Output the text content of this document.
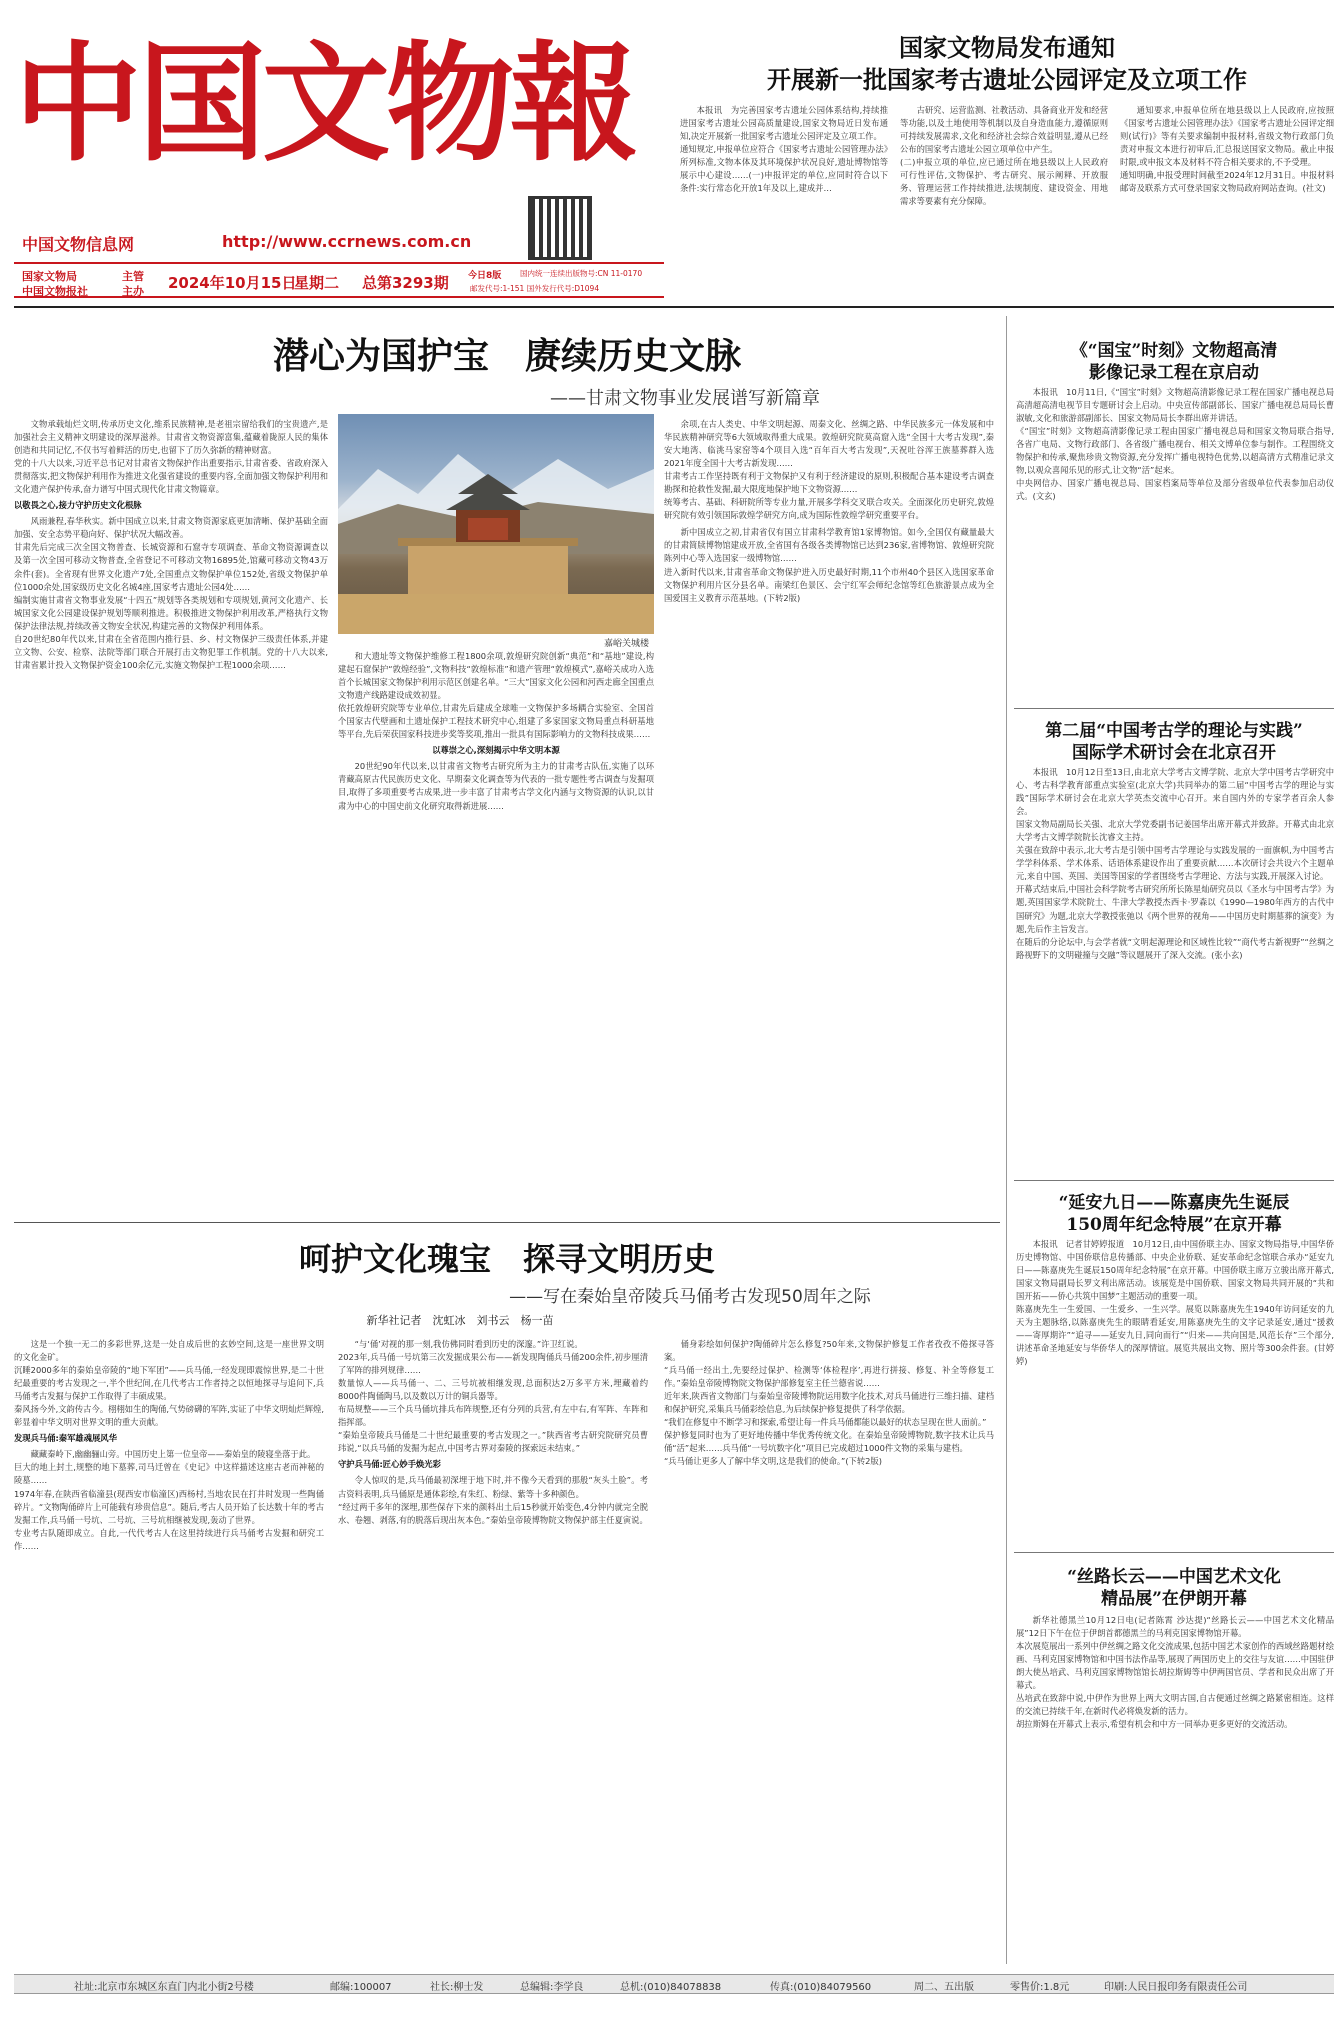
中国文物報
中国文物信息网	http://www.ccrnews.com.cn
国家文物局
中国文物报社
主管
主办 2024年10月15日
星期二 总第3293期 今日8版 国内统一连续出版物号:CN 11-0170
邮发代号:1-151 国外发行代号:D1094
国家文物局发布通知
开展新一批国家考古遗址公园评定及立项工作
本报讯　为完善国家考古遗址公园体系结构,持续推进国家考古遗址公园高质量建设,国家文物局近日发布通知,决定开展新一批国家考古遗址公园评定及立项工作。
通知规定,申报单位应符合《国家考古遗址公园管理办法》所列标准,文物本体及其环境保护状况良好,遗址博物馆等展示中心建设……(一)申报评定的单位,应同时符合以下条件:实行常态化开放1年及以上,建成并…
古研究、运营监测、社教活动、具备商业开发和经营等功能,以及土地使用等机制以及自身造血能力,遵循原则可持续发展需求,文化和经济社会综合效益明显,遵从已经公布的国家考古遗址公园立项单位中产生。
(二)申报立项的单位,应已通过所在地县级以上人民政府可行性评估,文物保护、考古研究、展示阐释、开放服务、管理运营工作持续推进,法规制度、建设资金、用地需求等要素有充分保障。
通知要求,申报单位所在地县级以上人民政府,应按照《国家考古遗址公园管理办法》《国家考古遗址公园评定细则(试行)》等有关要求编制申报材料,省级文物行政部门负责对申报文本进行初审后,汇总报送国家文物局。截止申报时限,或申报文本及材料不符合相关要求的,不予受理。
通知明确,申报受理时间截至2024年12月31日。申报材料邮寄及联系方式可登录国家文物局政府网站查询。(社文)
潜心为国护宝　赓续历史文脉
——甘肃文物事业发展谱写新篇章
文物承载灿烂文明,传承历史文化,维系民族精神,是老祖宗留给我们的宝贵遗产,是加强社会主义精神文明建设的深厚滋养。甘肃省文物资源富集,蕴藏着陇原人民的集体创造和共同记忆,不仅书写着鲜活的历史,也留下了历久弥新的精神财富。
党的十八大以来,习近平总书记对甘肃省文物保护作出重要指示,甘肃省委、省政府深入贯彻落实,把文物保护利用作为推进文化强省建设的重要内容,全面加强文物保护利用和文化遗产保护传承,奋力谱写中国式现代化甘肃文物篇章。
以敬畏之心,接力守护历史文化根脉
风雨兼程,春华秋实。新中国成立以来,甘肃文物资源家底更加清晰、保护基础全面加强、安全态势平稳向好、保护状况大幅改善。
甘肃先后完成三次全国文物普查、长城资源和石窟寺专项调查、革命文物资源调查以及第一次全国可移动文物普查,全省登记不可移动文物16895处,馆藏可移动文物43万余件(套)。全省现有世界文化遗产7处,全国重点文物保护单位152处,省级文物保护单位1000余处,国家级历史文化名城4座,国家考古遗址公园4处……
编制实施甘肃省文物事业发展“十四五”规划等各类规划和专项规划,黄河文化遗产、长城国家文化公园建设保护规划等顺利推进。积极推进文物保护利用改革,严格执行文物保护法律法规,持续改善文物安全状况,构建完善的文物保护利用体系。
自20世纪80年代以来,甘肃在全省范围内推行县、乡、村文物保护三级责任体系,并建立文物、公安、检察、法院等部门联合开展打击文物犯罪工作机制。党的十八大以来,甘肃省累计投入文物保护资金100余亿元,实施文物保护工程1000余项……
嘉峪关城楼
和大遗址等文物保护维修工程1800余项,敦煌研究院创新“典范”和“基地”建设,构建起石窟保护“敦煌经验”,文物科技“敦煌标准”和遗产管理“敦煌模式”,嘉峪关成功入选首个长城国家文物保护利用示范区创建名单。“三大”国家文化公园和河西走廊全国重点文物遗产线路建设成效初显。
依托敦煌研究院等专业单位,甘肃先后建成全球唯一文物保护多场耦合实验室、全国首个国家古代壁画和土遗址保护工程技术研究中心,组建了多家国家文物局重点科研基地等平台,先后荣获国家科技进步奖等奖项,推出一批具有国际影响力的文物科技成果……
以尊崇之心,深刻揭示中华文明本源
20世纪90年代以来,以甘肃省文物考古研究所为主力的甘肃考古队伍,实施了以环青藏高原古代民族历史文化、早期秦文化调查等为代表的一批专题性考古调查与发掘项目,取得了多项重要考古成果,进一步丰富了甘肃考古学文化内涵与文物资源的认识,以甘肃为中心的中国史前文化研究取得新进展……
余项,在古人类史、中华文明起源、周秦文化、丝绸之路、中华民族多元一体发展和中华民族精神研究等6大领域取得重大成果。敦煌研究院莫高窟入选“全国十大考古发现”,秦安大地湾、临洮马家窑等4个项目入选“百年百大考古发现”,天祝吐谷浑王族墓葬群入选2021年度全国十大考古新发现……
甘肃考古工作坚持既有利于文物保护又有利于经济建设的原则,积极配合基本建设考古调查勘探和抢救性发掘,最大限度地保护地下文物资源……
统筹考古、基础、科研院所等专业力量,开展多学科交叉联合攻关。全面深化历史研究,敦煌研究院有效引领国际敦煌学研究方向,成为国际性敦煌学研究重要平台。
新中国成立之初,甘肃省仅有国立甘肃科学教育馆1家博物馆。如今,全国仅有藏量最大的甘肃简牍博物馆建成开放,全省国有各级各类博物馆已达到236家,省博物馆、敦煌研究院陈列中心等入选国家一级博物馆……
进入新时代以来,甘肃省革命文物保护进入历史最好时期,11个市州40个县区入选国家革命文物保护利用片区分县名单。南梁红色景区、会宁红军会师纪念馆等红色旅游景点成为全国爱国主义教育示范基地。(下转2版)
呵护文化瑰宝　探寻文明历史
——写在秦始皇帝陵兵马俑考古发现50周年之际
新华社记者　沈虹冰　刘书云　杨一苗
这是一个独一无二的多彩世界,这是一处自成后世的玄妙空间,这是一座世界文明的文化金矿。
沉睡2000多年的秦始皇帝陵的“地下军团”——兵马俑,一经发现即震惊世界,是二十世纪最重要的考古发现之一,半个世纪间,在几代考古工作者持之以恒地探寻与追问下,兵马俑考古发掘与保护工作取得了丰硕成果。
秦风扬今外,文韵传古今。栩栩如生的陶俑,气势磅礴的军阵,实证了中华文明灿烂辉煌,彰显着中华文明对世界文明的重大贡献。
发现兵马俑:秦军雄魂展风华
藏藏秦岭下,幽幽骊山旁。中国历史上第一位皇帝——秦始皇的陵寝坐落于此。
巨大的地上封土,规整的地下墓葬,司马迁曾在《史记》中这样描述这座古老而神秘的陵墓……
1974年春,在陕西省临潼县(现西安市临潼区)西杨村,当地农民在打井时发现一些陶俑碎片。“文物陶俑碎片上可能载有珍贵信息”。随后,考古人员开始了长达数十年的考古发掘工作,兵马俑一号坑、二号坑、三号坑相继被发现,轰动了世界。
专业考古队随即成立。自此,一代代考古人在这里持续进行兵马俑考古发掘和研究工作……
“与‘俑’对视的那一刻,我仿佛同时看到历史的深邃。”许卫红说。
2023年,兵马俑一号坑第三次发掘成果公布——新发现陶俑兵马俑200余件,初步厘清了军阵的排列规律……
数量惊人——兵马俑一、二、三号坑被相继发现,总面积达2万多平方米,埋藏着约8000件陶俑陶马,以及数以万计的铜兵器等。
布局规整——三个兵马俑坑排兵布阵规整,还有分列的兵营,有左中右,有军阵、车阵和指挥部。
“秦始皇帝陵兵马俑是二十世纪最重要的考古发现之一。”陕西省考古研究院研究员曹玮说,“以兵马俑的发掘为起点,中国考古界对秦陵的探索远未结束。”
守护兵马俑:匠心妙手焕光彩
令人惊叹的是,兵马俑最初深埋于地下时,并不像今天看到的那般“灰头土脸”。考古资料表明,兵马俑原是通体彩绘,有朱红、粉绿、紫等十多种颜色。
“经过两千多年的深埋,那些保存下来的颜料出土后15秒就开始变色,4分钟内就完全脱水、卷翘、剥落,有的脱落后现出灰本色。”秦始皇帝陵博物院文物保护部主任夏寅说。
俑身彩绘如何保护?陶俑碎片怎么修复?50年来,文物保护修复工作者孜孜不倦探寻答案。
“兵马俑一经出土,先要经过保护、检测等‘体检程序’,再进行拼接、修复、补全等修复工作。”秦始皇帝陵博物院文物保护部修复室主任兰德省说……
近年来,陕西省文物部门与秦始皇帝陵博物院运用数字化技术,对兵马俑进行三维扫描、建档和保护研究,采集兵马俑彩绘信息,为后续保护修复提供了科学依据。
“我们在修复中不断学习和探索,希望让每一件兵马俑都能以最好的状态呈现在世人面前。”
保护修复同时也为了更好地传播中华优秀传统文化。在秦始皇帝陵博物院,数字技术让兵马俑“活”起来……兵马俑“一号坑数字化”项目已完成超过1000件文物的采集与建档。
“兵马俑让更多人了解中华文明,这是我们的使命。”(下转2版)
《“国宝”时刻》文物超高清
影像记录工程在京启动
本报讯　10月11日,《“国宝”时刻》文物超高清影像记录工程在国家广播电视总局高清超高清电视节目专题研讨会上启动。中央宣传部副部长、国家广播电视总局局长曹淑敏,文化和旅游部副部长、国家文物局局长李群出席并讲话。
《“国宝”时刻》文物超高清影像记录工程由国家广播电视总局和国家文物局联合指导,各省广电局、文物行政部门、各省级广播电视台、相关文博单位参与制作。工程围绕文物保护和传承,聚焦珍贵文物资源,充分发挥广播电视特色优势,以超高清方式精准记录文物,以观众喜闻乐见的形式,让文物“活”起来。
中央网信办、国家广播电视总局、国家档案局等单位及部分省级单位代表参加启动仪式。(文玄)
第二届“中国考古学的理论与实践”
国际学术研讨会在北京召开
本报讯　10月12日至13日,由北京大学考古文博学院、北京大学中国考古学研究中心、考古科学教育部重点实验室(北京大学)共同举办的第二届“中国考古学的理论与实践”国际学术研讨会在北京大学英杰交流中心召开。来自国内外的专家学者百余人参会。
国家文物局副局长关强、北京大学党委副书记姜国华出席开幕式并致辞。开幕式由北京大学考古文博学院院长沈睿文主持。
关强在致辞中表示,北大考古是引领中国考古学理论与实践发展的一面旗帜,为中国考古学学科体系、学术体系、话语体系建设作出了重要贡献……本次研讨会共设六个主题单元,来自中国、英国、美国等国家的学者围绕考古学理论、方法与实践,开展深入讨论。
开幕式结束后,中国社会科学院考古研究所所长陈星灿研究员以《圣水与中国考古学》为题,英国国家学术院院士、牛津大学教授杰西卡·罗森以《1990—1980年西方的古代中国研究》为题,北京大学教授张弛以《两个世界的视角——中国历史时期墓葬的演变》为题,先后作主旨发言。
在随后的分论坛中,与会学者就“文明起源理论和区域性比较”“商代考古新视野”“丝绸之路视野下的文明碰撞与交融”等议题展开了深入交流。(张小玄)
“延安九日——陈嘉庚先生诞辰
150周年纪念特展”在京开幕
本报讯　记者甘婷婷报道　10月12日,由中国侨联主办、国家文物局指导,中国华侨历史博物馆、中国侨联信息传播部、中央企业侨联、延安革命纪念馆联合承办“延安九日——陈嘉庚先生诞辰150周年纪念特展”在京开幕。中国侨联主席万立骏出席开幕式,国家文物局副局长罗文利出席活动。该展览是中国侨联、国家文物局共同开展的“共和国开拓——侨心共筑中国梦”主题活动的重要一项。
陈嘉庚先生一生爱国、一生爱乡、一生兴学。展览以陈嘉庚先生1940年访问延安的九天为主题脉络,以陈嘉庚先生的眼睛看延安,用陈嘉庚先生的文字记录延安,通过“援救——寄厚期许”“追寻——延安九日,同向而行”“归来——共向国是,风范长存”三个部分,讲述革命圣地延安与华侨华人的深厚情谊。展览共展出文物、照片等300余件套。(甘婷婷)
“丝路长云——中国艺术文化
精品展”在伊朗开幕
新华社德黑兰10月12日电(记者陈霄 沙达提)“丝路长云——中国艺术文化精品展”12日下午在位于伊朗首都德黑兰的马利克国家博物馆开幕。
本次展览展出一系列中伊丝绸之路文化交流成果,包括中国艺术家创作的西域丝路题材绘画、马利克国家博物馆和中国书法作品等,展现了两国历史上的交往与友谊……中国驻伊朗大使丛培武、马利克国家博物馆馆长胡拉斯姆等中伊两国官员、学者和民众出席了开幕式。
丛培武在致辞中说,中伊作为世界上两大文明古国,自古便通过丝绸之路紧密相连。这样的交流已持续千年,在新时代必将焕发新的活力。
胡拉斯姆在开幕式上表示,希望有机会和中方一同举办更多更好的交流活动。
社址:北京市东城区东直门内北小街2号楼	邮编:100007	社长:柳士发	总编辑:李学良	总机:(010)84078838	传真:(010)84079560	周二、五出版	零售价:1.8元	印刷:人民日报印务有限责任公司
